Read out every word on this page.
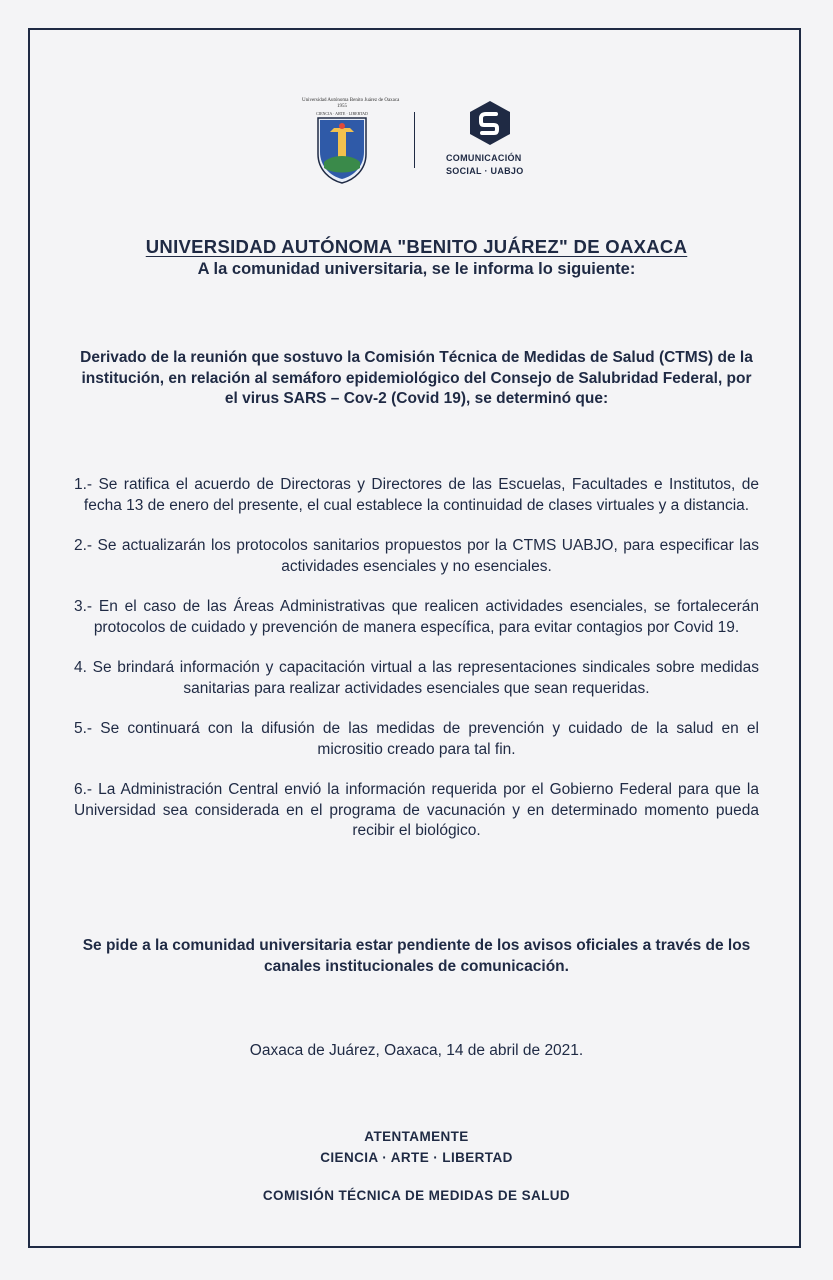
Universidad Autónoma Benito Juárez de Oaxaca
1955
CIENCIA · ARTE · LIBERTAD
COMUNICACIÓN
SOCIAL · UABJO
UNIVERSIDAD AUTÓNOMA "BENITO JUÁREZ" DE OAXACA
A la comunidad universitaria, se le informa lo siguiente:
Derivado de la reunión que sostuvo la Comisión Técnica de Medidas de Salud (CTMS) de la institución, en relación al semáforo epidemiológico del Consejo de Salubridad Federal, por el virus SARS – Cov-2 (Covid 19), se determinó que:

1.- Se ratifica el acuerdo de Directoras y Directores de las Escuelas, Facultades e Institutos, de fecha 13 de enero del presente, el cual establece la continuidad de clases virtuales y a distancia.

2.- Se actualizarán los protocolos sanitarios propuestos por la CTMS UABJO, para especificar las actividades esenciales y no esenciales.

3.- En el caso de las Áreas Administrativas que realicen actividades esenciales, se fortalecerán protocolos de cuidado y prevención de manera específica, para evitar contagios por Covid 19.

4. Se brindará información y capacitación virtual a las representaciones sindicales sobre medidas sanitarias para realizar actividades esenciales que sean requeridas.

5.- Se continuará con la difusión de las medidas de prevención y cuidado de la salud en el micrositio creado para tal fin.

6.- La Administración Central envió la información requerida por el Gobierno Federal para que la Universidad sea considerada en el programa de vacunación y en determinado momento pueda recibir el biológico.

Se pide a la comunidad universitaria estar pendiente de los avisos oficiales a través de los canales institucionales de comunicación.
Oaxaca de Juárez, Oaxaca, 14 de abril de 2021.
ATENTAMENTE
CIENCIA · ARTE · LIBERTAD
COMISIÓN TÉCNICA DE MEDIDAS DE SALUD
